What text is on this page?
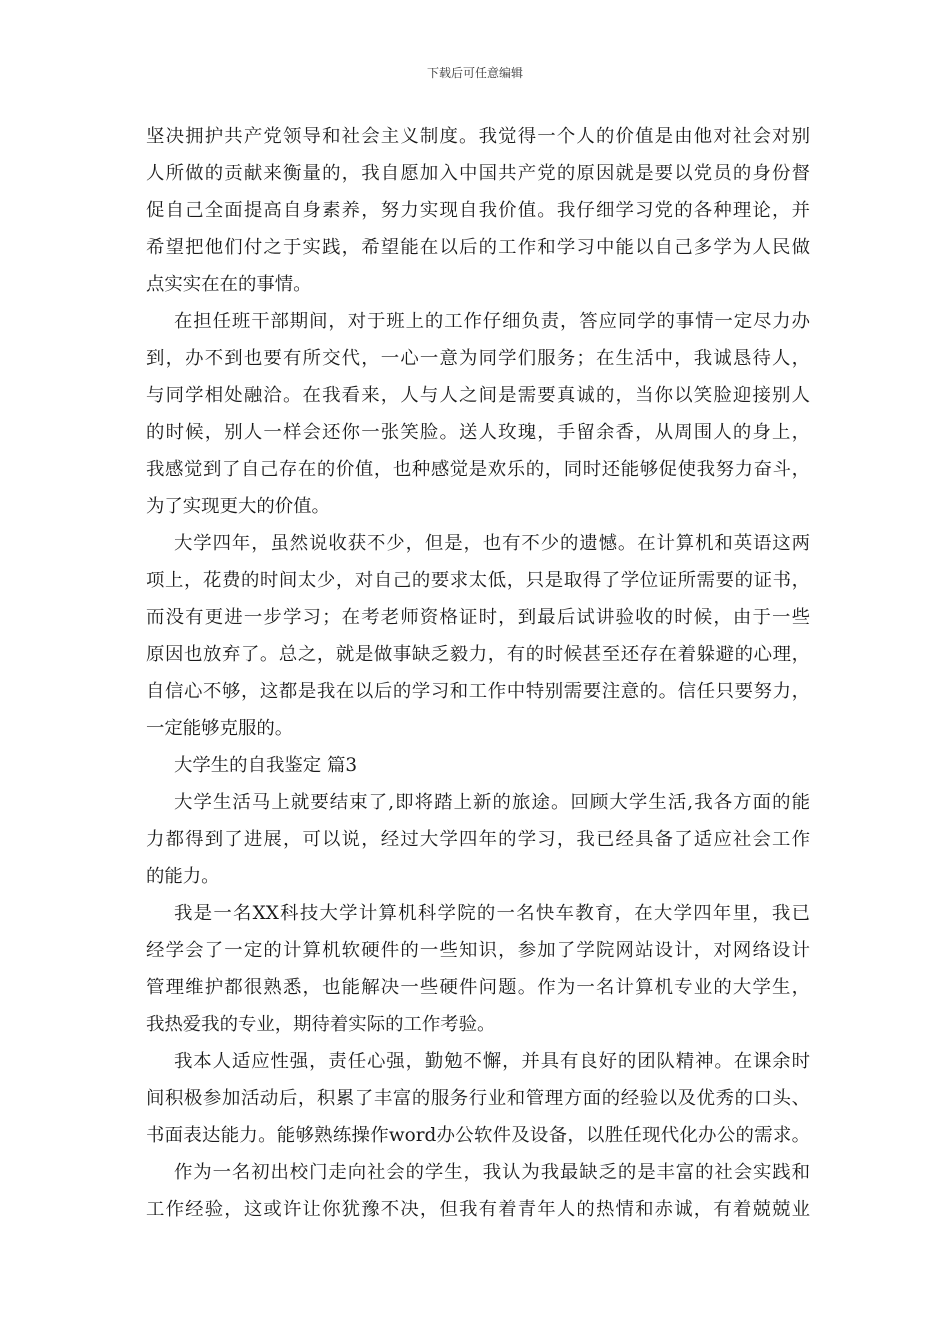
下载后可任意编辑
坚决拥护共产党领导和社会主义制度。我觉得一个人的价值是由他对社会对别
人所做的贡献来衡量的，我自愿加入中国共产党的原因就是要以党员的身份督
促自己全面提高自身素养，努力实现自我价值。我仔细学习党的各种理论，并
希望把他们付之于实践，希望能在以后的工作和学习中能以自己多学为人民做
点实实在在的事情。
在担任班干部期间，对于班上的工作仔细负责，答应同学的事情一定尽力办
到，办不到也要有所交代，一心一意为同学们服务；在生活中，我诚恳待人，
与同学相处融洽。在我看来，人与人之间是需要真诚的，当你以笑脸迎接别人
的时候，别人一样会还你一张笑脸。送人玫瑰，手留余香，从周围人的身上，
我感觉到了自己存在的价值，也种感觉是欢乐的，同时还能够促使我努力奋斗，
为了实现更大的价值。
大学四年，虽然说收获不少，但是，也有不少的遗憾。在计算机和英语这两
项上，花费的时间太少，对自己的要求太低，只是取得了学位证所需要的证书，
而没有更进一步学习；在考老师资格证时，到最后试讲验收的时候，由于一些
原因也放弃了。总之，就是做事缺乏毅力，有的时候甚至还存在着躲避的心理，
自信心不够，这都是我在以后的学习和工作中特别需要注意的。信任只要努力，
一定能够克服的。
大学生的自我鉴定 篇3
大学生活马上就要结束了,即将踏上新的旅途。回顾大学生活,我各方面的能
力都得到了进展，可以说，经过大学四年的学习，我已经具备了适应社会工作
的能力。
我是一名XX科技大学计算机科学院的一名快车教育，在大学四年里，我已
经学会了一定的计算机软硬件的一些知识，参加了学院网站设计，对网络设计
管理维护都很熟悉，也能解决一些硬件问题。作为一名计算机专业的大学生，
我热爱我的专业，期待着实际的工作考验。
我本人适应性强，责任心强，勤勉不懈，并具有良好的团队精神。在课余时
间积极参加活动后，积累了丰富的服务行业和管理方面的经验以及优秀的口头、
书面表达能力。能够熟练操作word办公软件及设备，以胜任现代化办公的需求。
作为一名初出校门走向社会的学生，我认为我最缺乏的是丰富的社会实践和
工作经验，这或许让你犹豫不决，但我有着青年人的热情和赤诚，有着兢兢业
